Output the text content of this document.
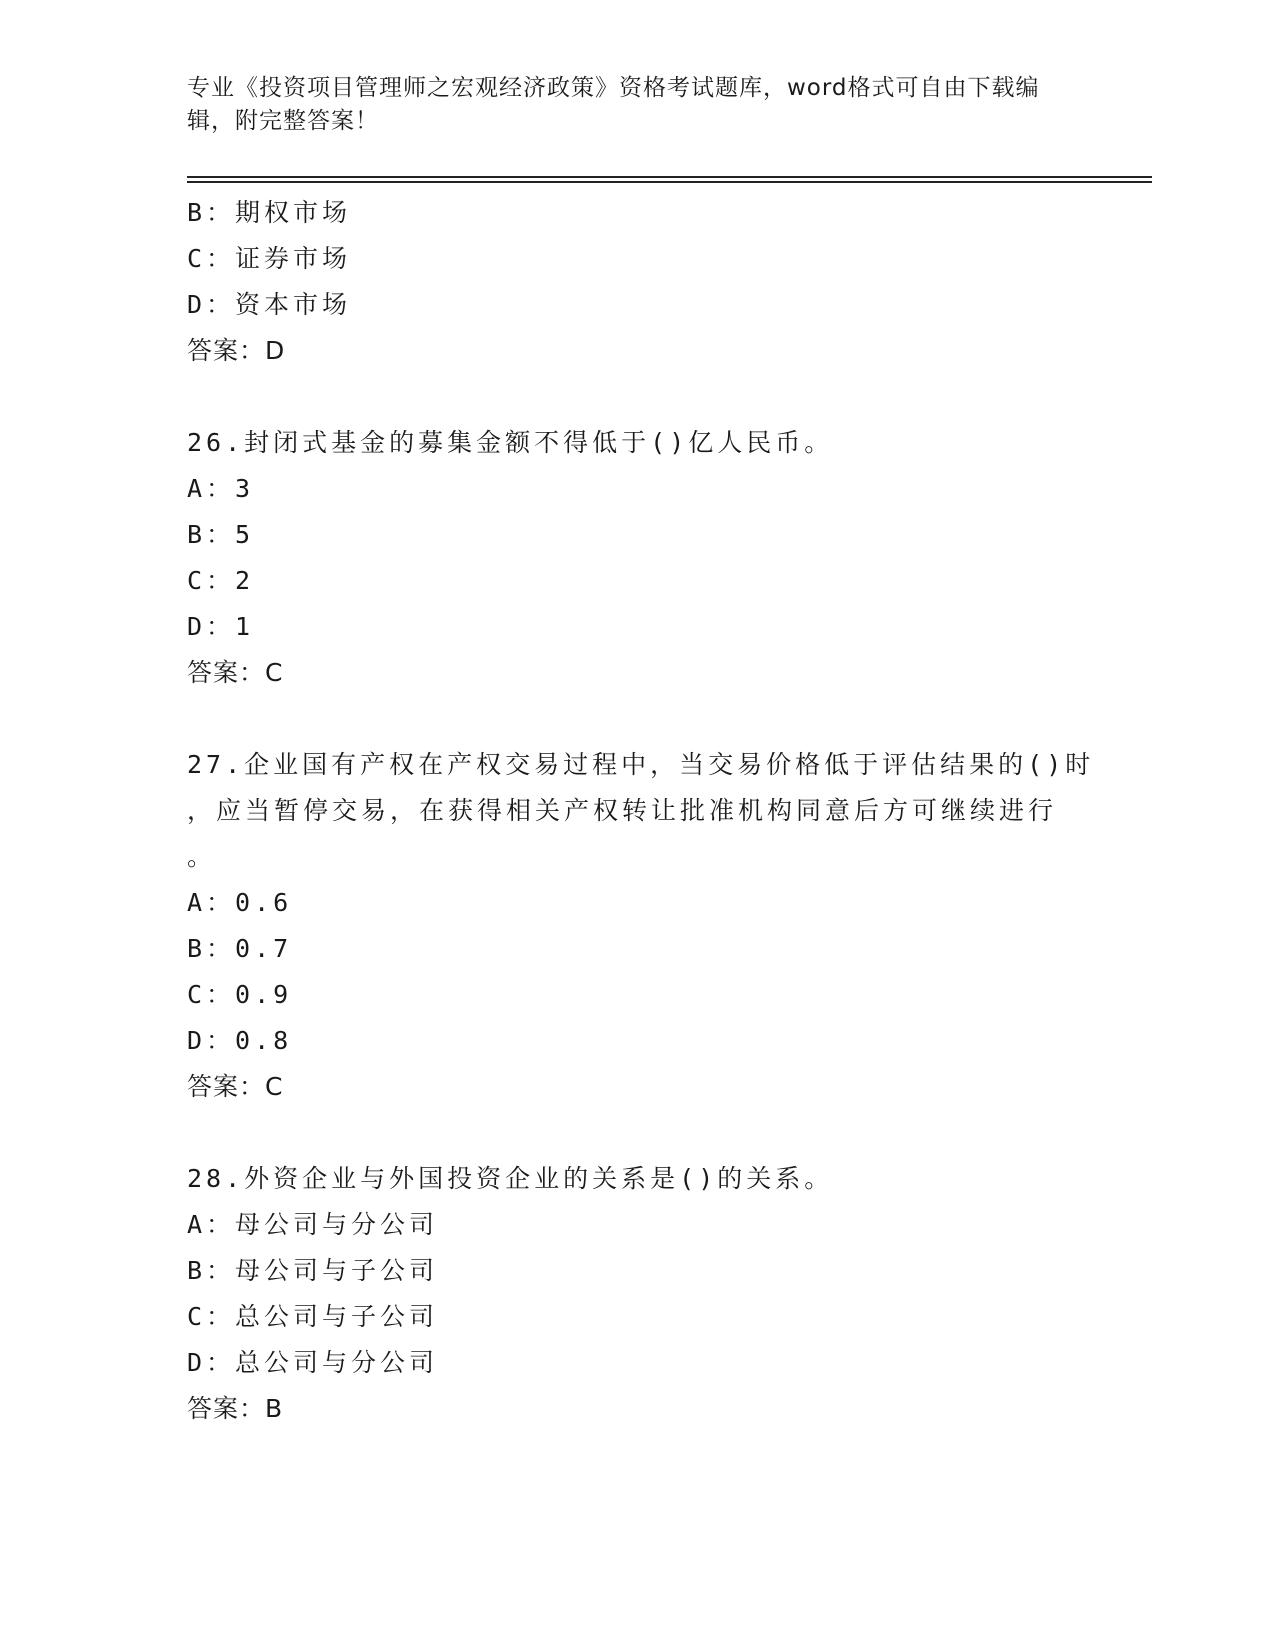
专业《投资项目管理师之宏观经济政策》资格考试题库，word格式可自由下载编辑，附完整答案！
B：期权市场
C：证券市场
D：资本市场
答案：D
26.封闭式基金的募集金额不得低于()亿人民币。
A：3
B：5
C：2
D：1
答案：C
27.企业国有产权在产权交易过程中，当交易价格低于评估结果的()时
，应当暂停交易，在获得相关产权转让批准机构同意后方可继续进行
。
A：0.6
B：0.7
C：0.9
D：0.8
答案：C
28.外资企业与外国投资企业的关系是()的关系。
A：母公司与分公司
B：母公司与子公司
C：总公司与子公司
D：总公司与分公司
答案：B
